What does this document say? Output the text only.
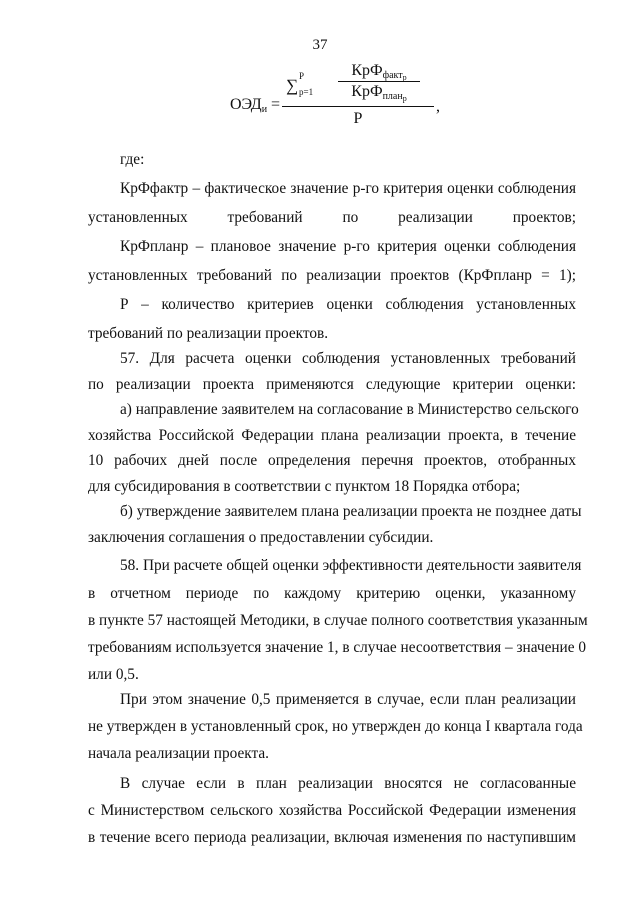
37
$ОЭД_и$ =
∑ P
p=1
КрФ$_{факт_p}$
КрФ$_{план_p}$
P
,
где:
КрФфактp – фактическое значение р-го критерия оценки соблюдения
установленных требований по реализации проектов;
КрФпланp – плановое значение р-го критерия оценки соблюдения
установленных требований по реализации проектов (КрФпланp = 1);
Р – количество критериев оценки соблюдения установленных
требований по реализации проектов.
57. Для расчета оценки соблюдения установленных требований
по реализации проекта применяются следующие критерии оценки:
а) направление заявителем на согласование в Министерство сельского
хозяйства Российской Федерации плана реализации проекта, в течение
10 рабочих дней после определения перечня проектов, отобранных
для субсидирования в соответствии с пунктом 18 Порядка отбора;
б) утверждение заявителем плана реализации проекта не позднее даты
заключения соглашения о предоставлении субсидии.
58. При расчете общей оценки эффективности деятельности заявителя
в отчетном периоде по каждому критерию оценки, указанному
в пункте 57 настоящей Методики, в случае полного соответствия указанным
требованиям используется значение 1, в случае несоответствия – значение 0
или 0,5.
При этом значение 0,5 применяется в случае, если план реализации
не утвержден в установленный срок, но утвержден до конца I квартала года
начала реализации проекта.
В случае если в план реализации вносятся не согласованные
с Министерством сельского хозяйства Российской Федерации изменения
в течение всего периода реализации, включая изменения по наступившим
